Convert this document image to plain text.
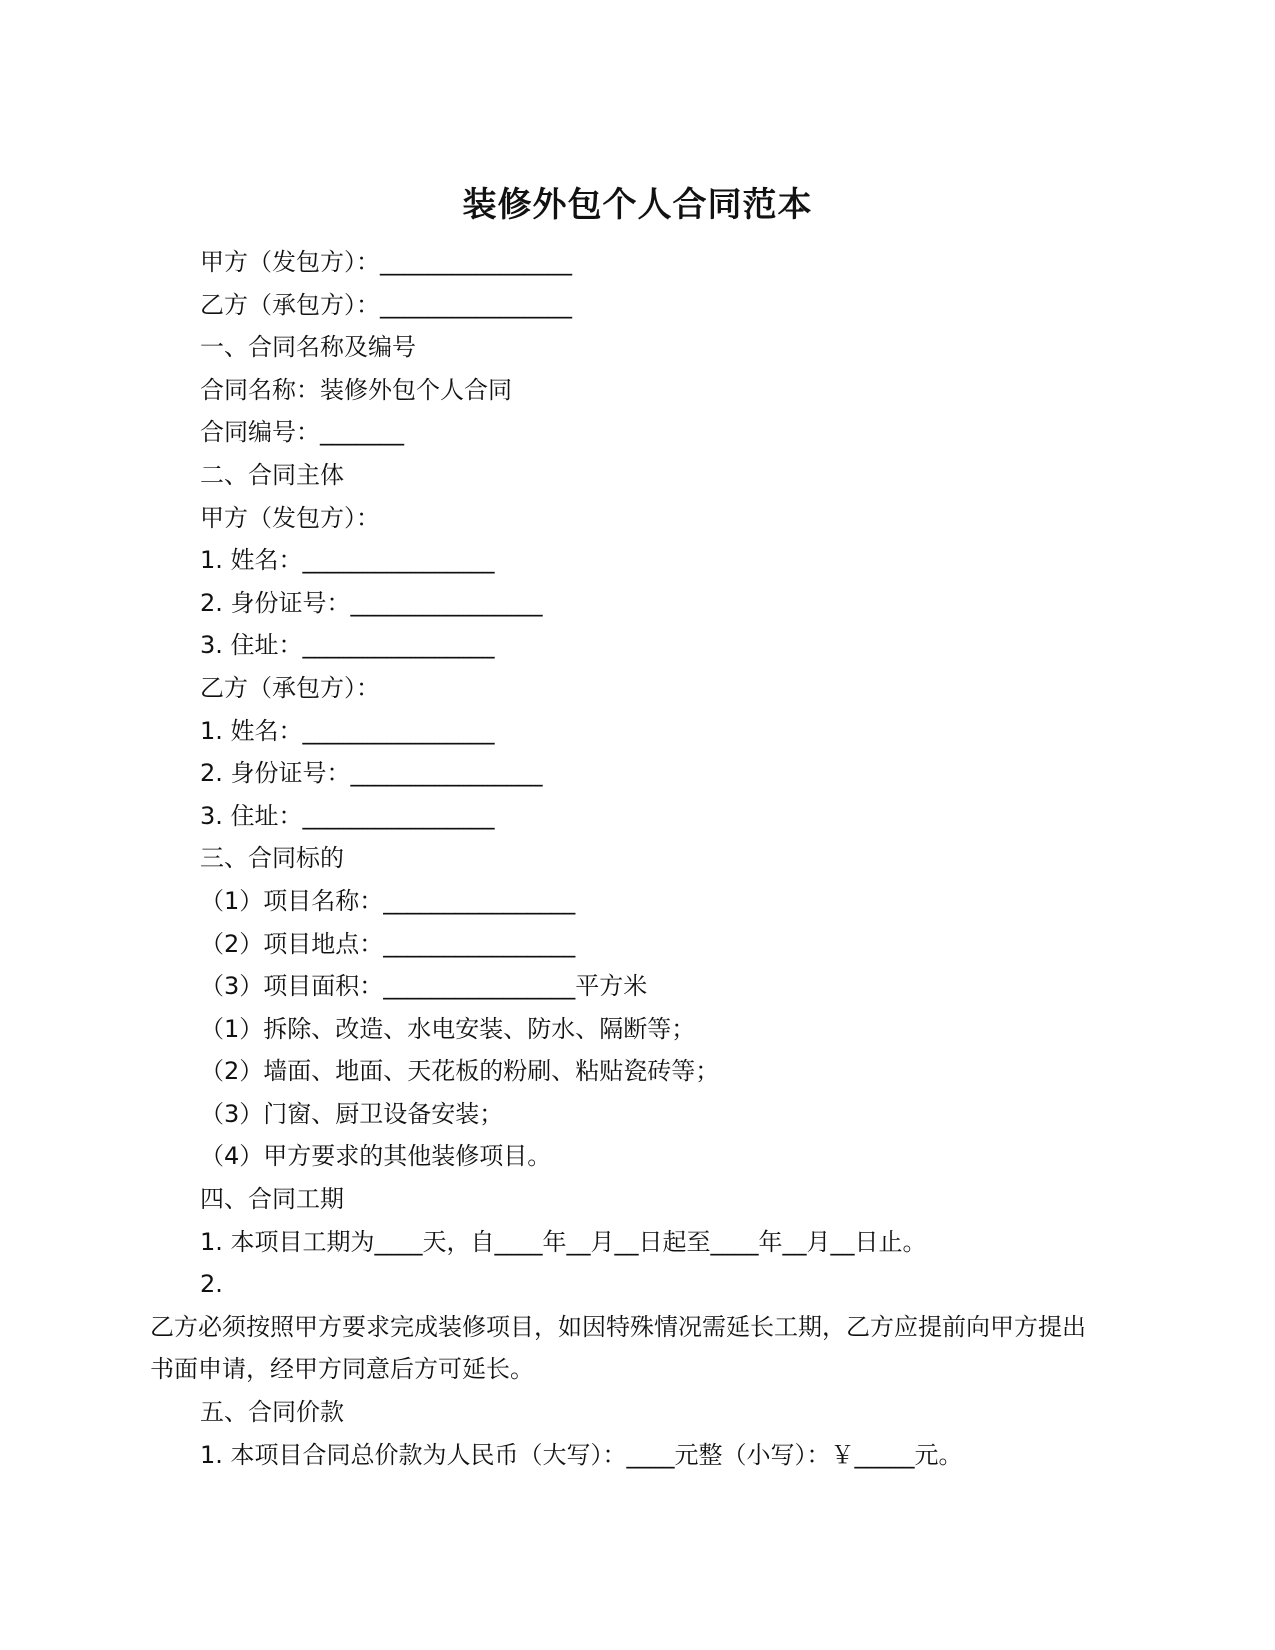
装修外包个人合同范本
甲方（发包方）：________________
乙方（承包方）：________________
一、合同名称及编号
合同名称：装修外包个人合同
合同编号：_______
二、合同主体
甲方（发包方）：
1. 姓名：________________
2. 身份证号：________________
3. 住址：________________
乙方（承包方）：
1. 姓名：________________
2. 身份证号：________________
3. 住址：________________
三、合同标的
（1）项目名称：________________
（2）项目地点：________________
（3）项目面积：________________平方米
（1）拆除、改造、水电安装、防水、隔断等；
（2）墙面、地面、天花板的粉刷、粘贴瓷砖等；
（3）门窗、厨卫设备安装；
（4）甲方要求的其他装修项目。
四、合同工期
1. 本项目工期为____天，自____年__月__日起至____年__月__日止。
2.
乙方必须按照甲方要求完成装修项目，如因特殊情况需延长工期，乙方应提前向甲方提出
书面申请，经甲方同意后方可延长。
五、合同价款
1. 本项目合同总价款为人民币（大写）：____元整（小写）：￥_____元。
